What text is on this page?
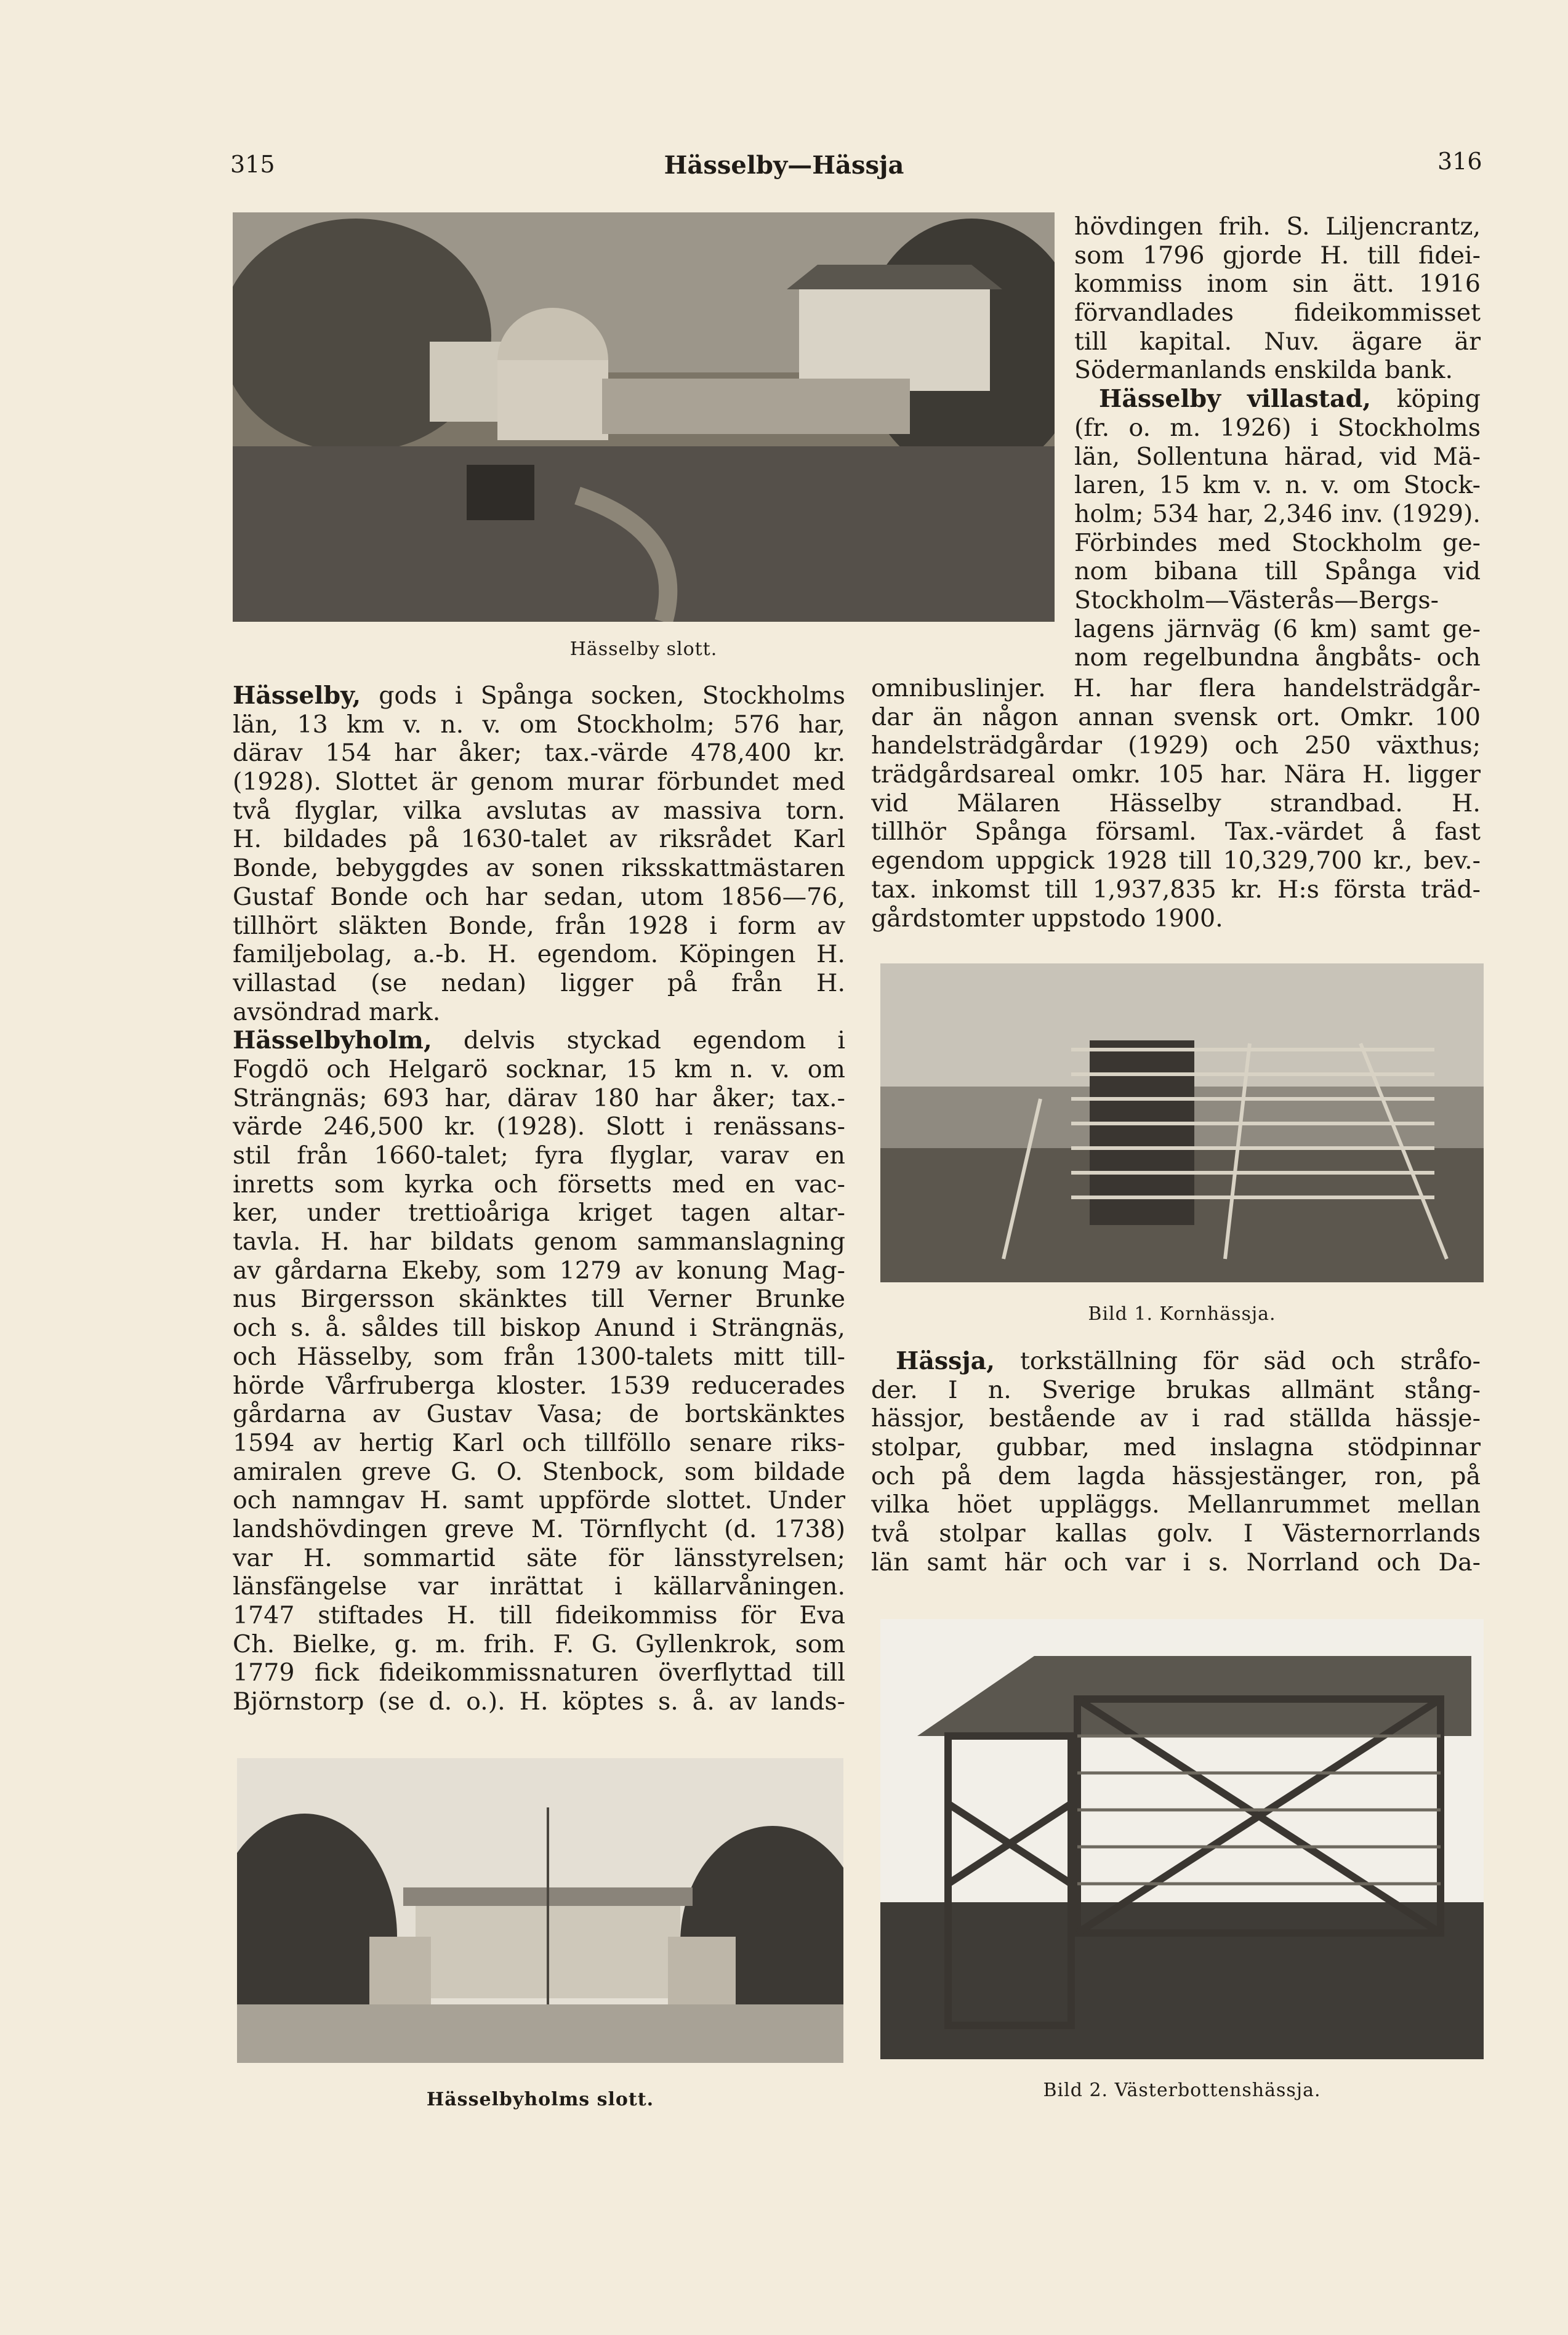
315	Hässelby—Hässja	316
Hässelby slott.
Hässelby, gods i Spånga socken, Stockholms
län, 13 km v. n. v. om Stockholm; 576 har,
därav 154 har åker; tax.-värde 478,400 kr.
(1928). Slottet är genom murar förbundet med
två flyglar, vilka avslutas av massiva torn.
H. bildades på 1630-talet av riksrådet Karl
Bonde, bebyggdes av sonen riksskattmästaren
Gustaf Bonde och har sedan, utom 1856—76,
tillhört släkten Bonde, från 1928 i form av
familjebolag, a.-b. H. egendom. Köpingen H.
villastad (se nedan) ligger på från H.
avsöndrad mark.
Hässelbyholm, delvis styckad egendom i
Fogdö och Helgarö socknar, 15 km n. v. om
Strängnäs; 693 har, därav 180 har åker; tax.-
värde 246,500 kr. (1928). Slott i renässans-
stil från 1660-talet; fyra flyglar, varav en
inretts som kyrka och försetts med en vac-
ker, under trettioåriga kriget tagen altar-
tavla. H. har bildats genom sammanslagning
av gårdarna Ekeby, som 1279 av konung Mag-
nus Birgersson skänktes till Verner Brunke
och s. å. såldes till biskop Anund i Strängnäs,
och Hässelby, som från 1300-talets mitt till-
hörde Vårfruberga kloster. 1539 reducerades
gårdarna av Gustav Vasa; de bortskänktes
1594 av hertig Karl och tillföllo senare riks-
amiralen greve G. O. Stenbock, som bildade
och namngav H. samt uppförde slottet. Under
landshövdingen greve M. Törnflycht (d. 1738)
var H. sommartid säte för länsstyrelsen;
länsfängelse var inrättat i källarvåningen.
1747 stiftades H. till fideikommiss för Eva
Ch. Bielke, g. m. frih. F. G. Gyllenkrok, som
1779 fick fideikommissnaturen överflyttad till
Björnstorp (se d. o.). H. köptes s. å. av lands-
hövdingen frih. S. Liljencrantz,
som 1796 gjorde H. till fidei-
kommiss inom sin ätt. 1916
förvandlades fideikommisset
till kapital. Nuv. ägare är
Södermanlands enskilda bank.
Hässelby villastad, köping
(fr. o. m. 1926) i Stockholms
län, Sollentuna härad, vid Mä-
laren, 15 km v. n. v. om Stock-
holm; 534 har, 2,346 inv. (1929).
Förbindes med Stockholm ge-
nom bibana till Spånga vid
Stockholm—Västerås—Bergs-
lagens järnväg (6 km) samt ge-
nom regelbundna ångbåts- och
omnibuslinjer. H. har flera handelsträdgår-
dar än någon annan svensk ort. Omkr. 100
handelsträdgårdar (1929) och 250 växthus;
trädgårdsareal omkr. 105 har. Nära H. ligger
vid Mälaren Hässelby strandbad. H.
tillhör Spånga församl. Tax.-värdet å fast
egendom uppgick 1928 till 10,329,700 kr., bev.-
tax. inkomst till 1,937,835 kr. H:s första träd-
gårdstomter uppstodo 1900.
Bild 1. Kornhässja.
Hässja, torkställning för säd och stråfo-
der. I n. Sverige brukas allmänt stång-
hässjor, bestående av i rad ställda hässje-
stolpar, gubbar, med inslagna stödpinnar
och på dem lagda hässjestänger, ron, på
vilka höet uppläggs. Mellanrummet mellan
två stolpar kallas golv. I Västernorrlands
län samt här och var i s. Norrland och Da-
Hässelbyholms slott.	Bild 2. Västerbottenshässja.
